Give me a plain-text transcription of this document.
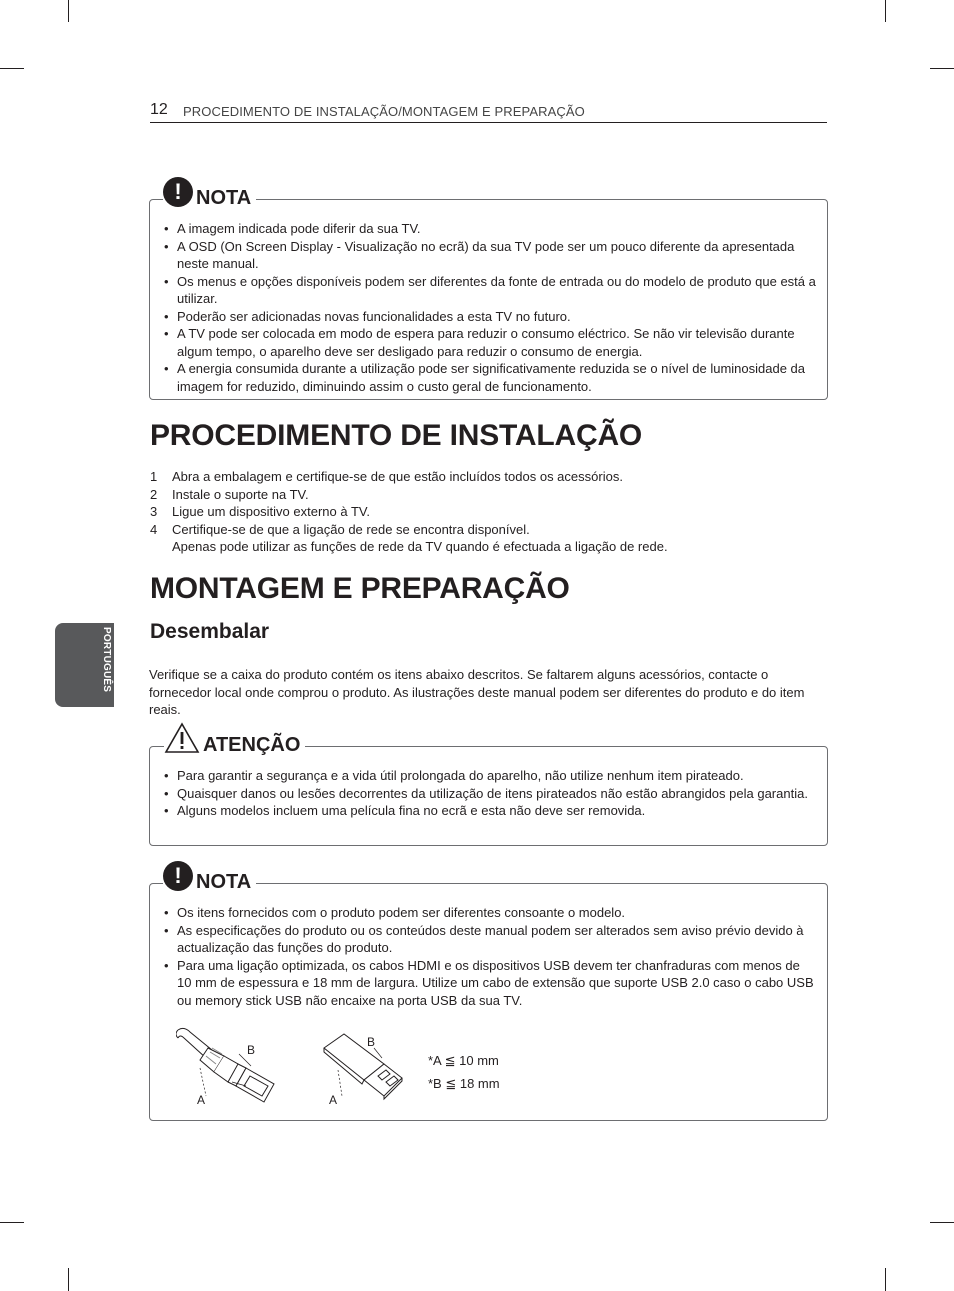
12 PROCEDIMENTO DE INSTALAÇÃO/MONTAGEM E PREPARAÇÃO
PORTUGUÊS
! NOTA
• A imagem indicada pode diferir da sua TV.
• A OSD (On Screen Display - Visualização no ecrã) da sua TV pode ser um pouco diferente da apresentada neste manual.
• Os menus e opções disponíveis podem ser diferentes da fonte de entrada ou do modelo de produto que está a utilizar.
• Poderão ser adicionadas novas funcionalidades a esta TV no futuro.
• A TV pode ser colocada em modo de espera para reduzir o consumo eléctrico. Se não vir televisão durante algum tempo, o aparelho deve ser desligado para reduzir o consumo de energia.
• A energia consumida durante a utilização pode ser significativamente reduzida se o nível de luminosidade da imagem for reduzido, diminuindo assim o custo geral de funcionamento.
PROCEDIMENTO DE INSTALAÇÃO
1	Abra a embalagem e certifique-se de que estão incluídos todos os acessórios.
2	Instale o suporte na TV.
3	Ligue um dispositivo externo à TV.
4	Certifique-se de que a ligação de rede se encontra disponível.
Apenas pode utilizar as funções de rede da TV quando é efectuada a ligação de rede.
MONTAGEM E PREPARAÇÃO
Desembalar

Verifique se a caixa do produto contém os itens abaixo descritos. Se faltarem alguns acessórios, contacte o fornecedor local onde comprou o produto. As ilustrações deste manual podem ser diferentes do produto e do item reais.

ATENÇÃO
• Para garantir a segurança e a vida útil prolongada do aparelho, não utilize nenhum item pirateado.
• Quaisquer danos ou lesões decorrentes da utilização de itens pirateados não estão abrangidos pela garantia.
• Alguns modelos incluem uma película fina no ecrã e esta não deve ser removida.
! NOTA
• Os itens fornecidos com o produto podem ser diferentes consoante o modelo.
• As especificações do produto ou os conteúdos deste manual podem ser alterados sem aviso prévio devido à actualização das funções do produto.
• Para uma ligação optimizada, os cabos HDMI e os dispositivos USB devem ter chanfraduras com menos de 10 mm de espessura e 18 mm de largura. Utilize um cabo de extensão que suporte USB 2.0 caso o cabo USB ou memory stick USB não encaixe na porta USB da sua TV.
B
A
B
A
*A ≦ 10 mm
*B ≦ 18 mm
